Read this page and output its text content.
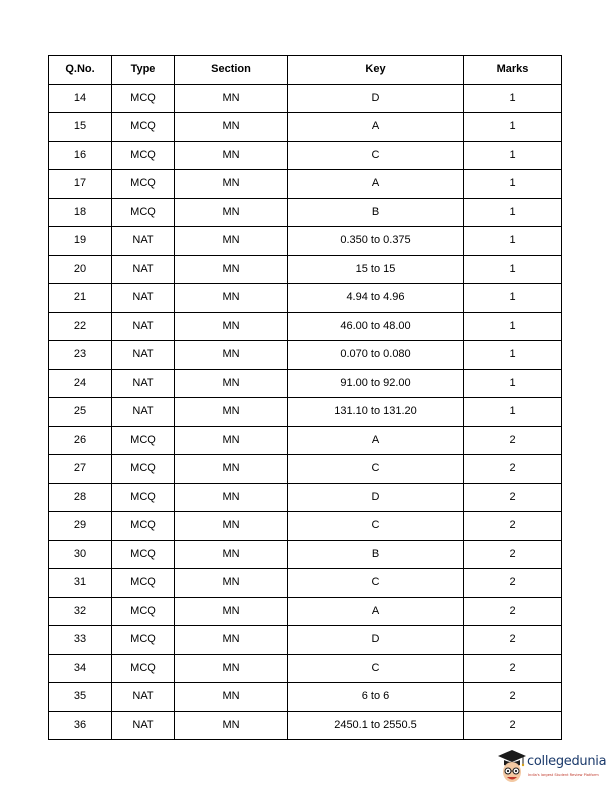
Q.No.	Type	Section	Key	Marks
14	MCQ	MN	D	1
15	MCQ	MN	A	1
16	MCQ	MN	C	1
17	MCQ	MN	A	1
18	MCQ	MN	B	1
19	NAT	MN	0.350 to 0.375	1
20	NAT	MN	15 to 15	1
21	NAT	MN	4.94 to 4.96	1
22	NAT	MN	46.00 to 48.00	1
23	NAT	MN	0.070 to 0.080	1
24	NAT	MN	91.00 to 92.00	1
25	NAT	MN	131.10 to 131.20	1
26	MCQ	MN	A	2
27	MCQ	MN	C	2
28	MCQ	MN	D	2
29	MCQ	MN	C	2
30	MCQ	MN	B	2
31	MCQ	MN	C	2
32	MCQ	MN	A	2
33	MCQ	MN	D	2
34	MCQ	MN	C	2
35	NAT	MN	6 to 6	2
36	NAT	MN	2450.1 to 2550.5	2
collegedunia
India's largest Student Review Platform
